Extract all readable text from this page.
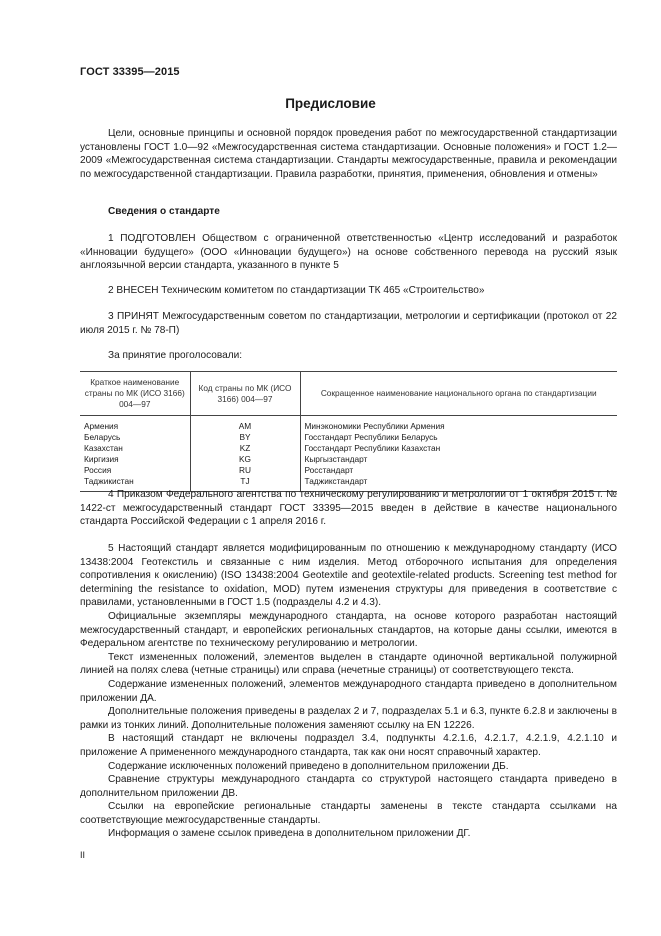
ГОСТ 33395—2015
Предисловие

Цели, основные принципы и основной порядок проведения работ по межгосударственной стандартизации установлены ГОСТ 1.0—92 «Межгосударственная система стандартизации. Основные положения» и ГОСТ 1.2—2009 «Межгосударственная система стандартизации. Стандарты межгосударственные, правила и рекомендации по межгосударственной стандартизации. Правила разработки, принятия, применения, обновления и отмены»

Сведения о стандарте

1 ПОДГОТОВЛЕН Обществом с ограниченной ответственностью «Центр исследований и разработок «Инновации будущего» (ООО «Инновации будущего») на основе собственного перевода на русский язык англоязычной версии стандарта, указанного в пункте 5

2 ВНЕСЕН Техническим комитетом по стандартизации ТК 465 «Строительство»

3 ПРИНЯТ Межгосударственным советом по стандартизации, метрологии и сертификации (протокол от 22 июля 2015 г. № 78-П)

За принятие проголосовали:

Краткое наименование страны по МК (ИСО 3166) 004—97	Код страны по МК (ИСО 3166) 004—97	Сокращенное наименование национального органа по стандартизации
Армения	AM	Минэкономики Республики Армения
Беларусь	BY	Госстандарт Республики Беларусь
Казахстан	KZ	Госстандарт Республики Казахстан
Киргизия	KG	Кыргызстандарт
Россия	RU	Росстандарт
Таджикистан	TJ	Таджикстандарт

4 Приказом Федерального агентства по техническому регулированию и метрологии от 1 октября 2015 г. № 1422-ст межгосударственный стандарт ГОСТ 33395—2015 введен в действие в качестве национального стандарта Российской Федерации с 1 апреля 2016 г.

5 Настоящий стандарт является модифицированным по отношению к международному стандарту (ИСО 13438:2004 Геотекстиль и связанные с ним изделия. Метод отборочного испытания для определения сопротивления к окислению) (ISO 13438:2004 Geotextile and geotextile-related products. Screening test method for determining the resistance to oxidation, MOD) путем изменения структуры для приведения в соответствие с правилами, установленными в ГОСТ 1.5 (подразделы 4.2 и 4.3).

Официальные экземпляры международного стандарта, на основе которого разработан настоящий межгосударственный стандарт, и европейских региональных стандартов, на которые даны ссылки, имеются в Федеральном агентстве по техническому регулированию и метрологии.

Текст измененных положений, элементов выделен в стандарте одиночной вертикальной полужирной линией на полях слева (четные страницы) или справа (нечетные страницы) от соответствующего текста.

Содержание измененных положений, элементов международного стандарта приведено в дополнительном приложении ДА.

Дополнительные положения приведены в разделах 2 и 7, подразделах 5.1 и 6.3, пункте 6.2.8 и заключены в рамки из тонких линий. Дополнительные положения заменяют ссылку на EN 12226.

В настоящий стандарт не включены подраздел 3.4, подпункты 4.2.1.6, 4.2.1.7, 4.2.1.9, 4.2.1.10 и приложение А примененного международного стандарта, так как они носят справочный характер.

Содержание исключенных положений приведено в дополнительном приложении ДБ.

Сравнение структуры международного стандарта со структурой настоящего стандарта приведено в дополнительном приложении ДВ.

Ссылки на европейские региональные стандарты заменены в тексте стандарта ссылками на соответствующие межгосударственные стандарты.

Информация о замене ссылок приведена в дополнительном приложении ДГ.

II
